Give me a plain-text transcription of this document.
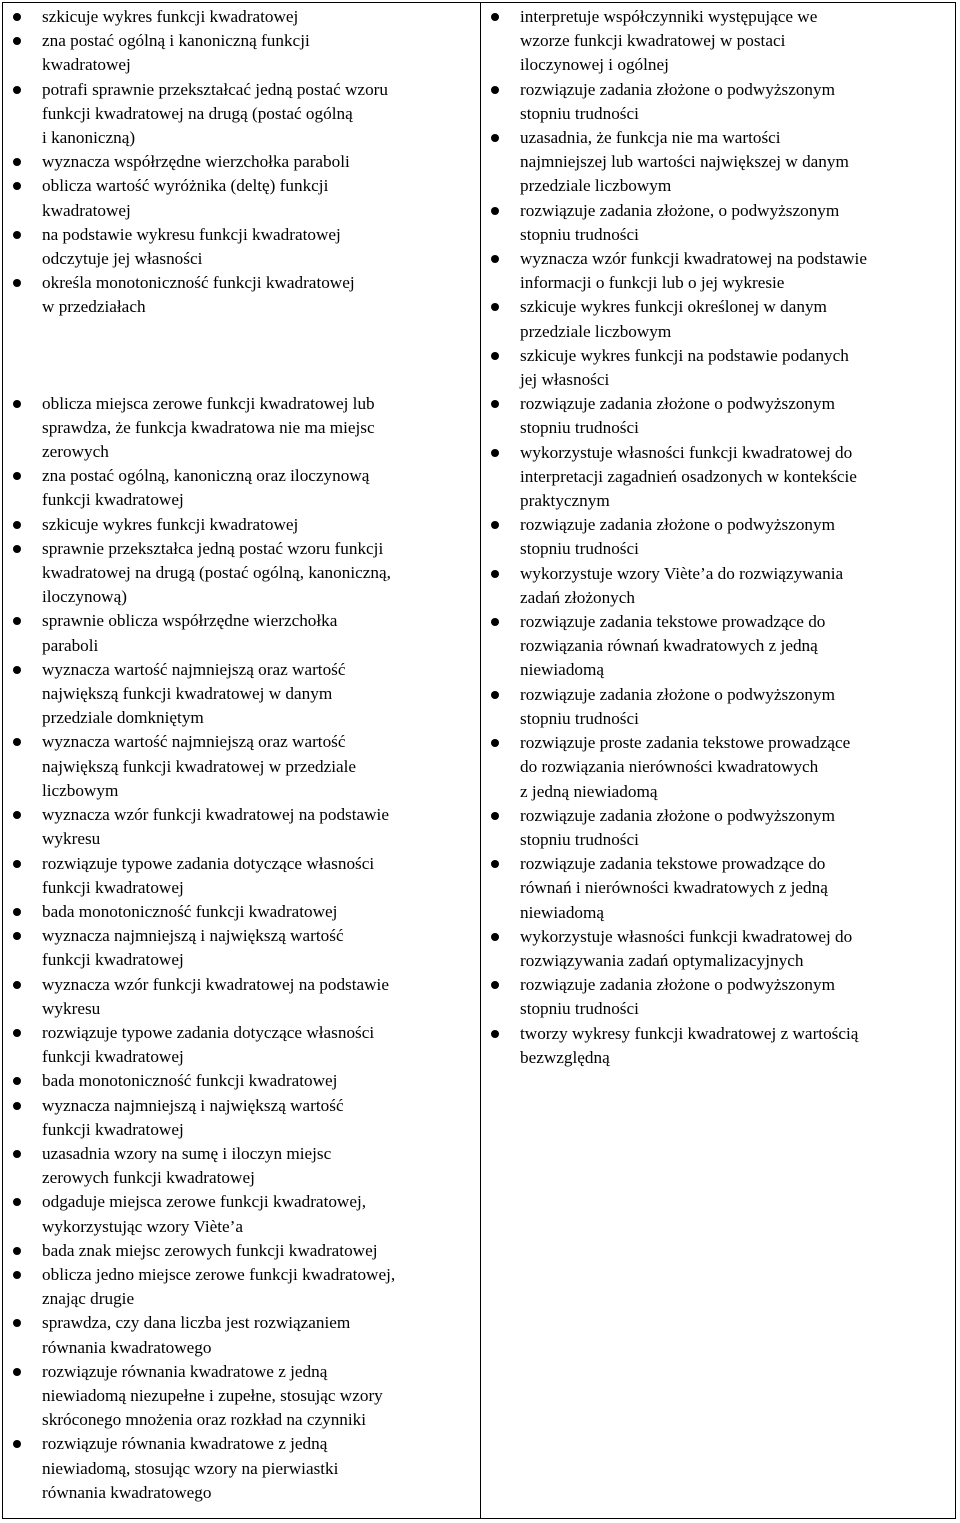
szkicuje wykres funkcji kwadratowej
zna postać ogólną i kanoniczną funkcji
kwadratowej
potrafi sprawnie przekształcać jedną postać wzoru
funkcji kwadratowej na drugą (postać ogólną
i kanoniczną)
wyznacza współrzędne wierzchołka paraboli
oblicza wartość wyróżnika (deltę) funkcji
kwadratowej
na podstawie wykresu funkcji kwadratowej
odczytuje jej własności
określa monotoniczność funkcji kwadratowej
w przedziałach
oblicza miejsca zerowe funkcji kwadratowej lub
sprawdza, że funkcja kwadratowa nie ma miejsc
zerowych
zna postać ogólną, kanoniczną oraz iloczynową
funkcji kwadratowej
szkicuje wykres funkcji kwadratowej
sprawnie przekształca jedną postać wzoru funkcji
kwadratowej na drugą (postać ogólną, kanoniczną,
iloczynową)
sprawnie oblicza współrzędne wierzchołka
paraboli
wyznacza wartość najmniejszą oraz wartość
największą funkcji kwadratowej w danym
przedziale domkniętym
wyznacza wartość najmniejszą oraz wartość
największą funkcji kwadratowej w przedziale
liczbowym
wyznacza wzór funkcji kwadratowej na podstawie
wykresu
rozwiązuje typowe zadania dotyczące własności
funkcji kwadratowej
bada monotoniczność funkcji kwadratowej
wyznacza najmniejszą i największą wartość
funkcji kwadratowej
wyznacza wzór funkcji kwadratowej na podstawie
wykresu
rozwiązuje typowe zadania dotyczące własności
funkcji kwadratowej
bada monotoniczność funkcji kwadratowej
wyznacza najmniejszą i największą wartość
funkcji kwadratowej
uzasadnia wzory na sumę i iloczyn miejsc
zerowych funkcji kwadratowej
odgaduje miejsca zerowe funkcji kwadratowej,
wykorzystując wzory Viète’a
bada znak miejsc zerowych funkcji kwadratowej
oblicza jedno miejsce zerowe funkcji kwadratowej,
znając drugie
sprawdza, czy dana liczba jest rozwiązaniem
równania kwadratowego
rozwiązuje równania kwadratowe z jedną
niewiadomą niezupełne i zupełne, stosując wzory
skróconego mnożenia oraz rozkład na czynniki
rozwiązuje równania kwadratowe z jedną
niewiadomą, stosując wzory na pierwiastki
równania kwadratowego
interpretuje współczynniki występujące we
wzorze funkcji kwadratowej w postaci
iloczynowej i ogólnej
rozwiązuje zadania złożone o podwyższonym
stopniu trudności
uzasadnia, że funkcja nie ma wartości
najmniejszej lub wartości największej w danym
przedziale liczbowym
rozwiązuje zadania złożone, o podwyższonym
stopniu trudności
wyznacza wzór funkcji kwadratowej na podstawie
informacji o funkcji lub o jej wykresie
szkicuje wykres funkcji określonej w danym
przedziale liczbowym
szkicuje wykres funkcji na podstawie podanych
jej własności
rozwiązuje zadania złożone o podwyższonym
stopniu trudności
wykorzystuje własności funkcji kwadratowej do
interpretacji zagadnień osadzonych w kontekście
praktycznym
rozwiązuje zadania złożone o podwyższonym
stopniu trudności
wykorzystuje wzory Viète’a do rozwiązywania
zadań złożonych
rozwiązuje zadania tekstowe prowadzące do
rozwiązania równań kwadratowych z jedną
niewiadomą
rozwiązuje zadania złożone o podwyższonym
stopniu trudności
rozwiązuje proste zadania tekstowe prowadzące
do rozwiązania nierówności kwadratowych
z jedną niewiadomą
rozwiązuje zadania złożone o podwyższonym
stopniu trudności
rozwiązuje zadania tekstowe prowadzące do
równań i nierówności kwadratowych z jedną
niewiadomą
wykorzystuje własności funkcji kwadratowej do
rozwiązywania zadań optymalizacyjnych
rozwiązuje zadania złożone o podwyższonym
stopniu trudności
tworzy wykresy funkcji kwadratowej z wartością
bezwzględną
